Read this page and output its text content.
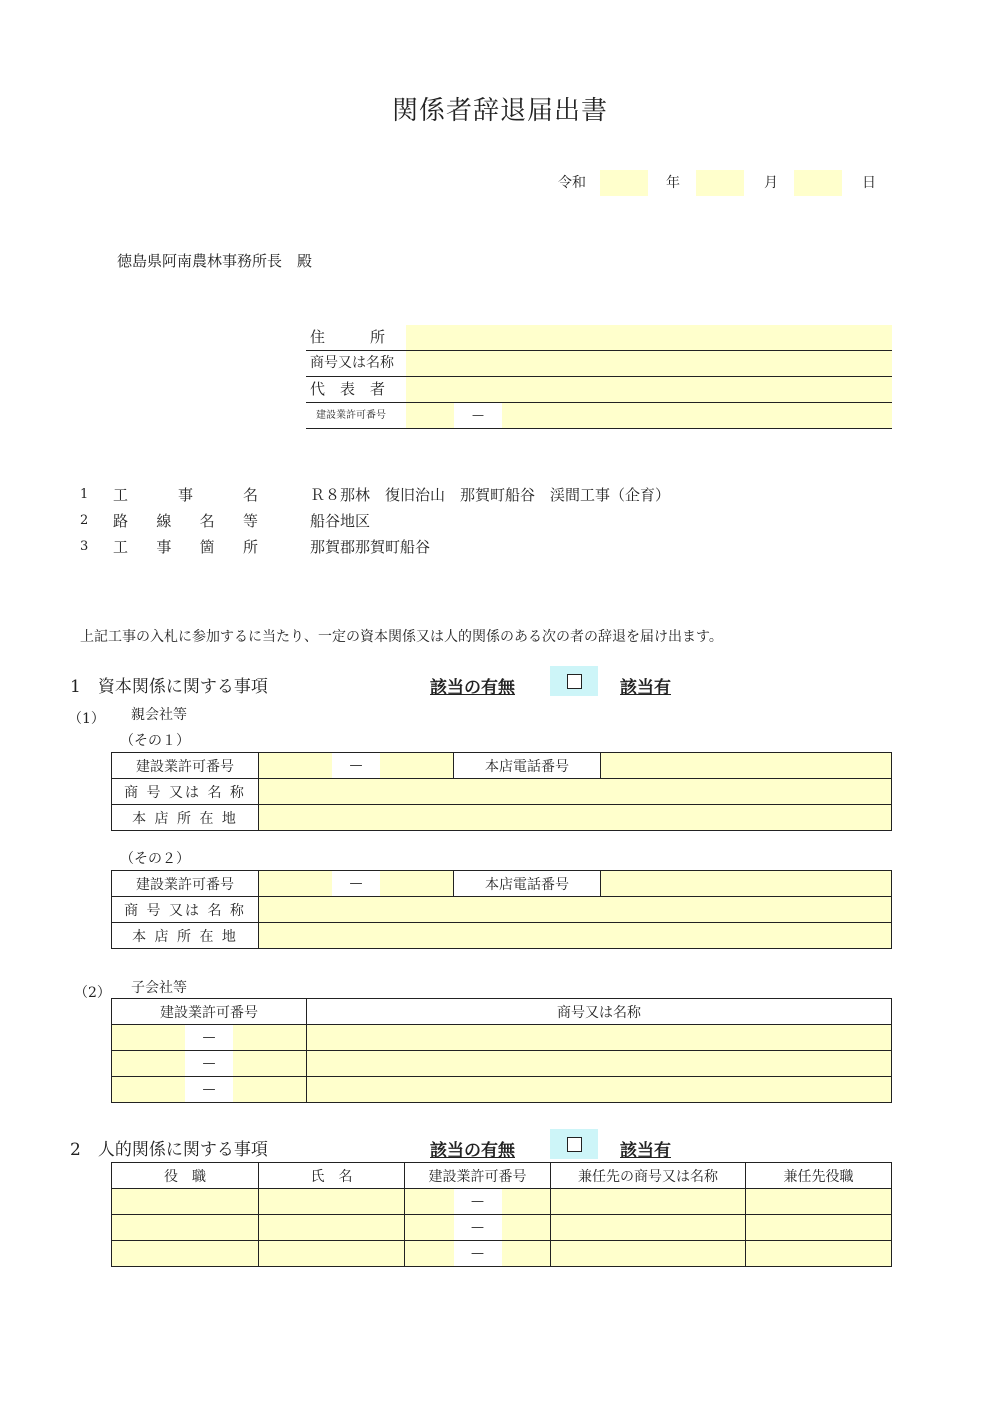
関係者辞退届出書
令和	年	月	日
徳島県阿南農林事務所長　殿
住　　　所
商号又は名称
代　表　者
建設業許可番号	—
1	工	事	名	Ｒ８那林　復旧治山　那賀町船谷　渓間工事（企育）
2	路 線 名 等	船谷地区
3	工 事 箇 所	那賀郡那賀町船谷
上記工事の入札に参加するに当たり、一定の資本関係又は人的関係のある次の者の辞退を届け出ます。
1　資本関係に関する事項	該当の有無	該当有
（1） 親会社等
（その１）
建設業許可番号	—	本店電話番号	
商 号 又は 名 称			
本 店 所 在 地			
（その２）
建設業許可番号	—	本店電話番号	
商 号 又は 名 称			
本 店 所 在 地			
（2） 子会社等
建設業許可番号	商号又は名称

—	

—	

—	

2　人的関係に関する事項	該当の有無	該当有
役　職	氏　名	建設業許可番号	兼任先の商号又は名称	兼任先役職

		—		

		—		

		—		
